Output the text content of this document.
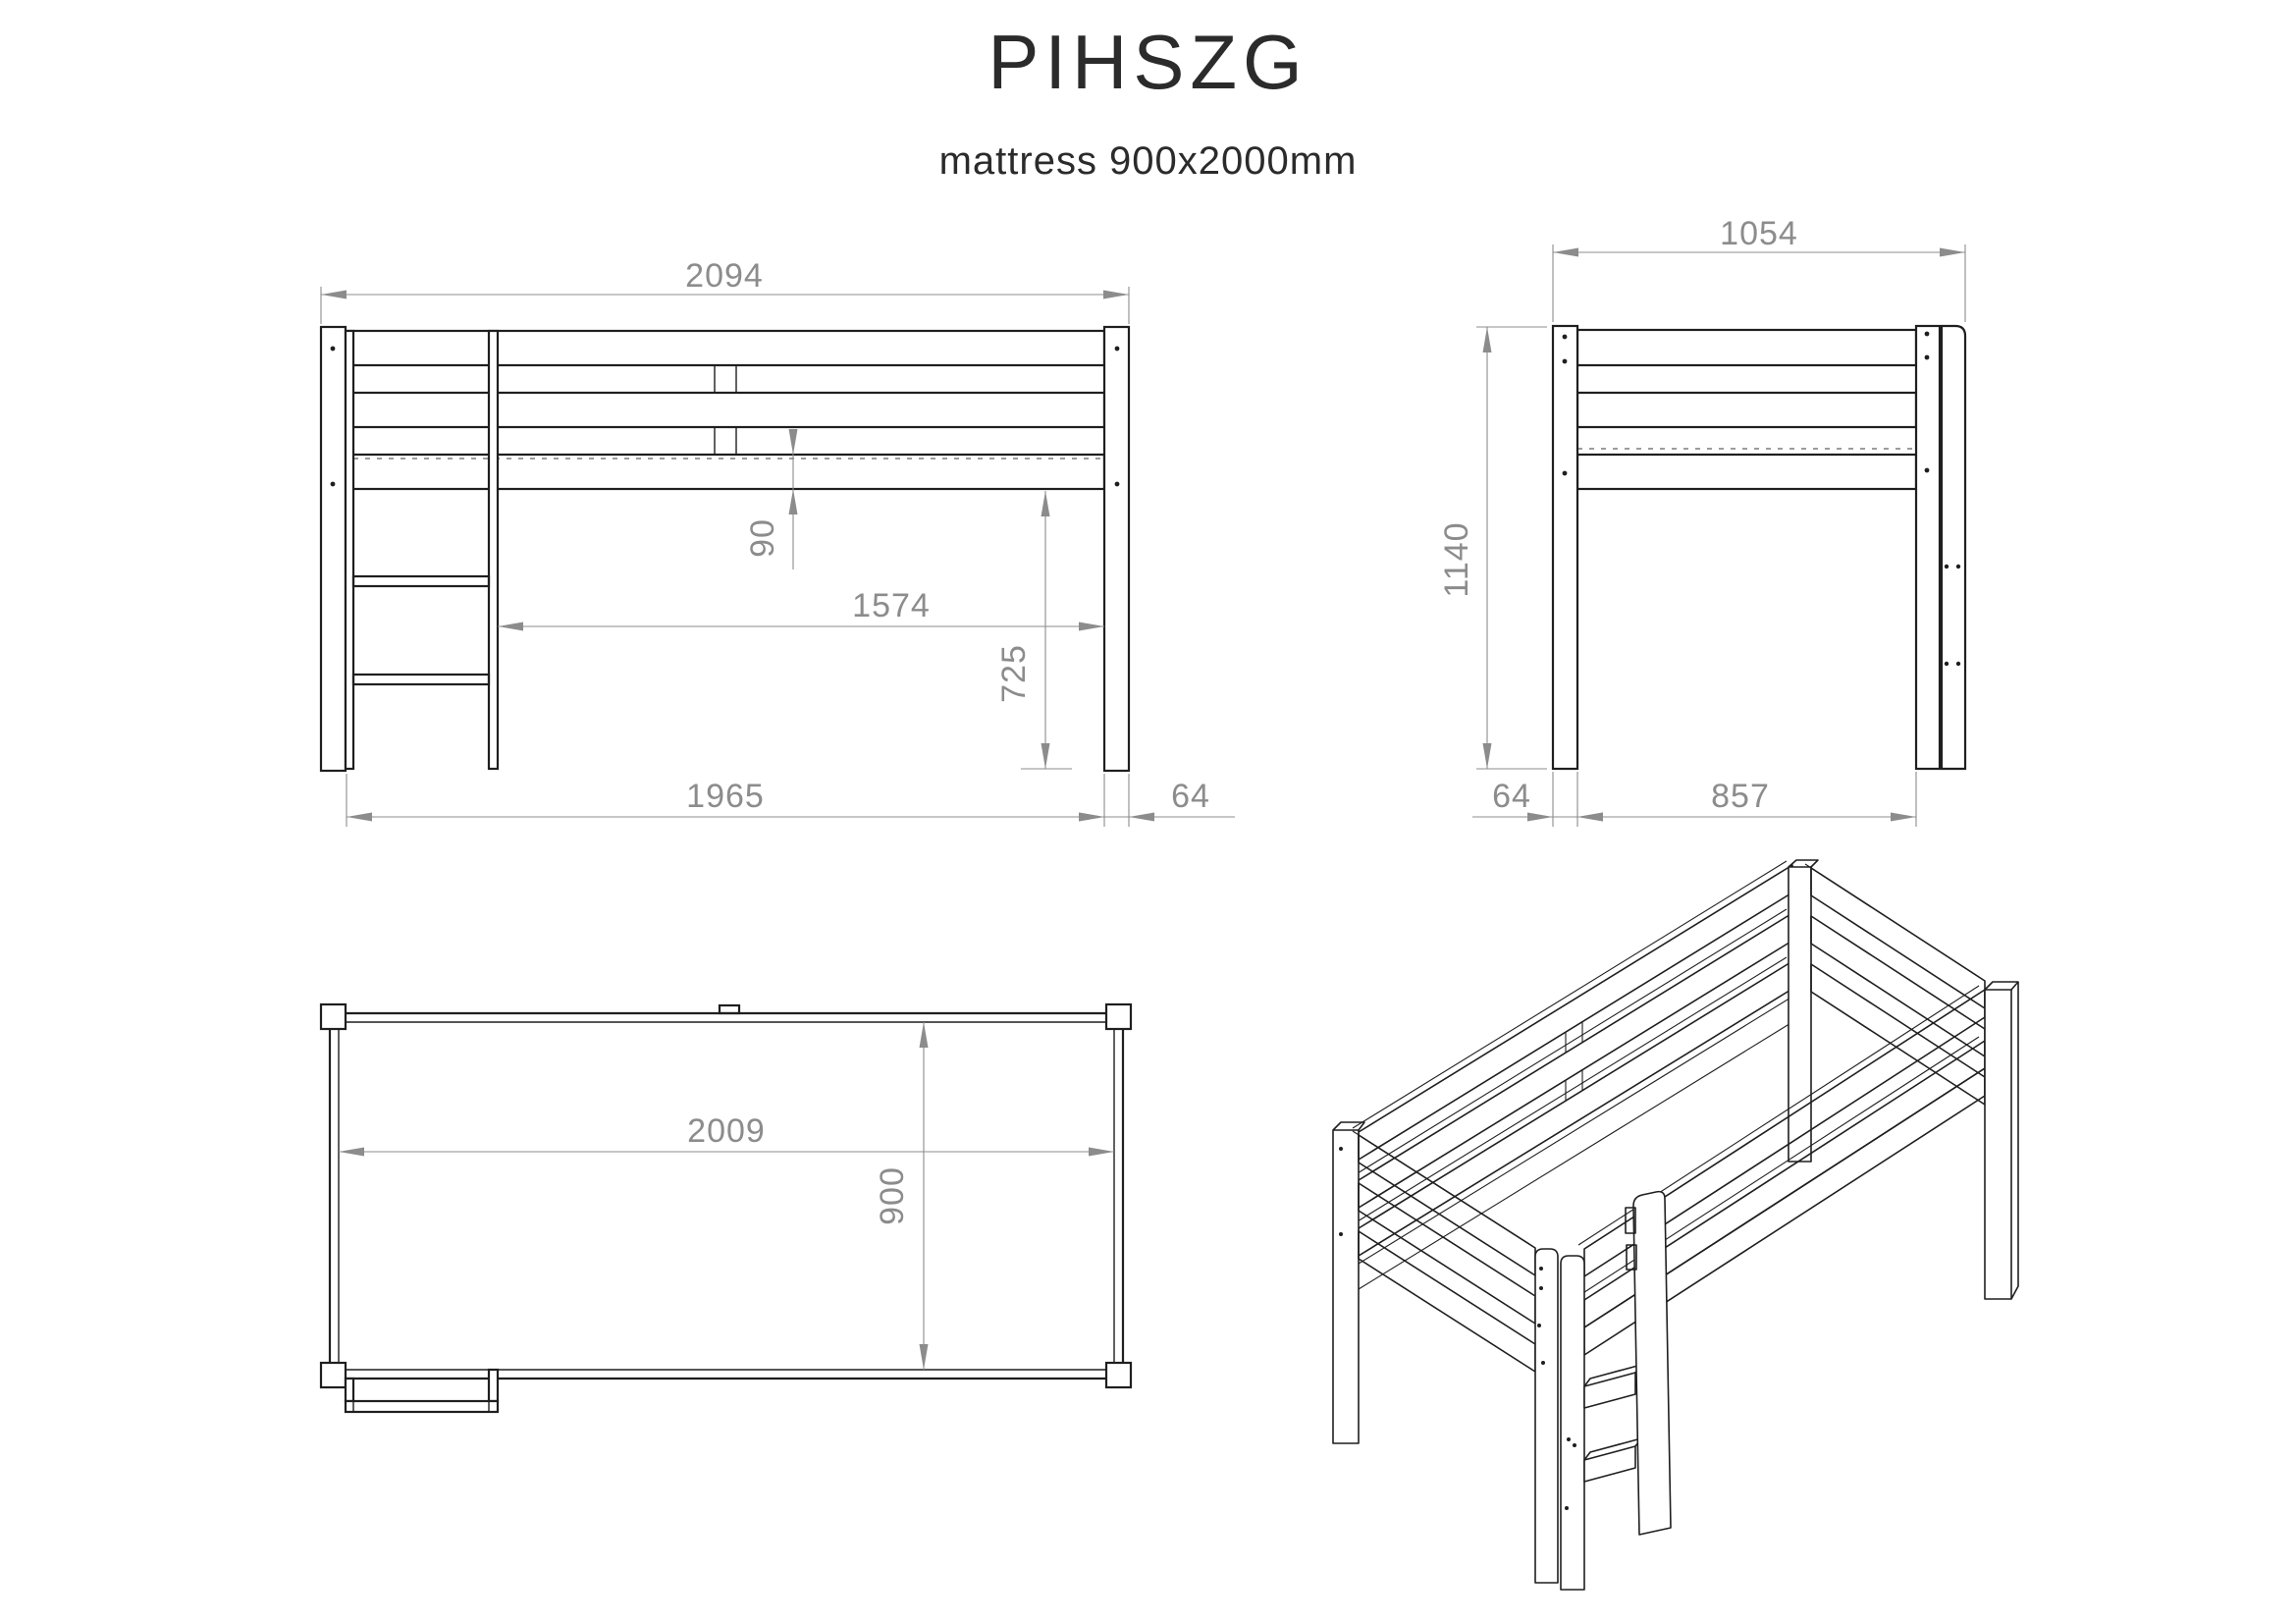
PIHSZG
mattress 900x2000mm
2094
90
1574
725
1965	64
1054
1140
64	857
2009
900
